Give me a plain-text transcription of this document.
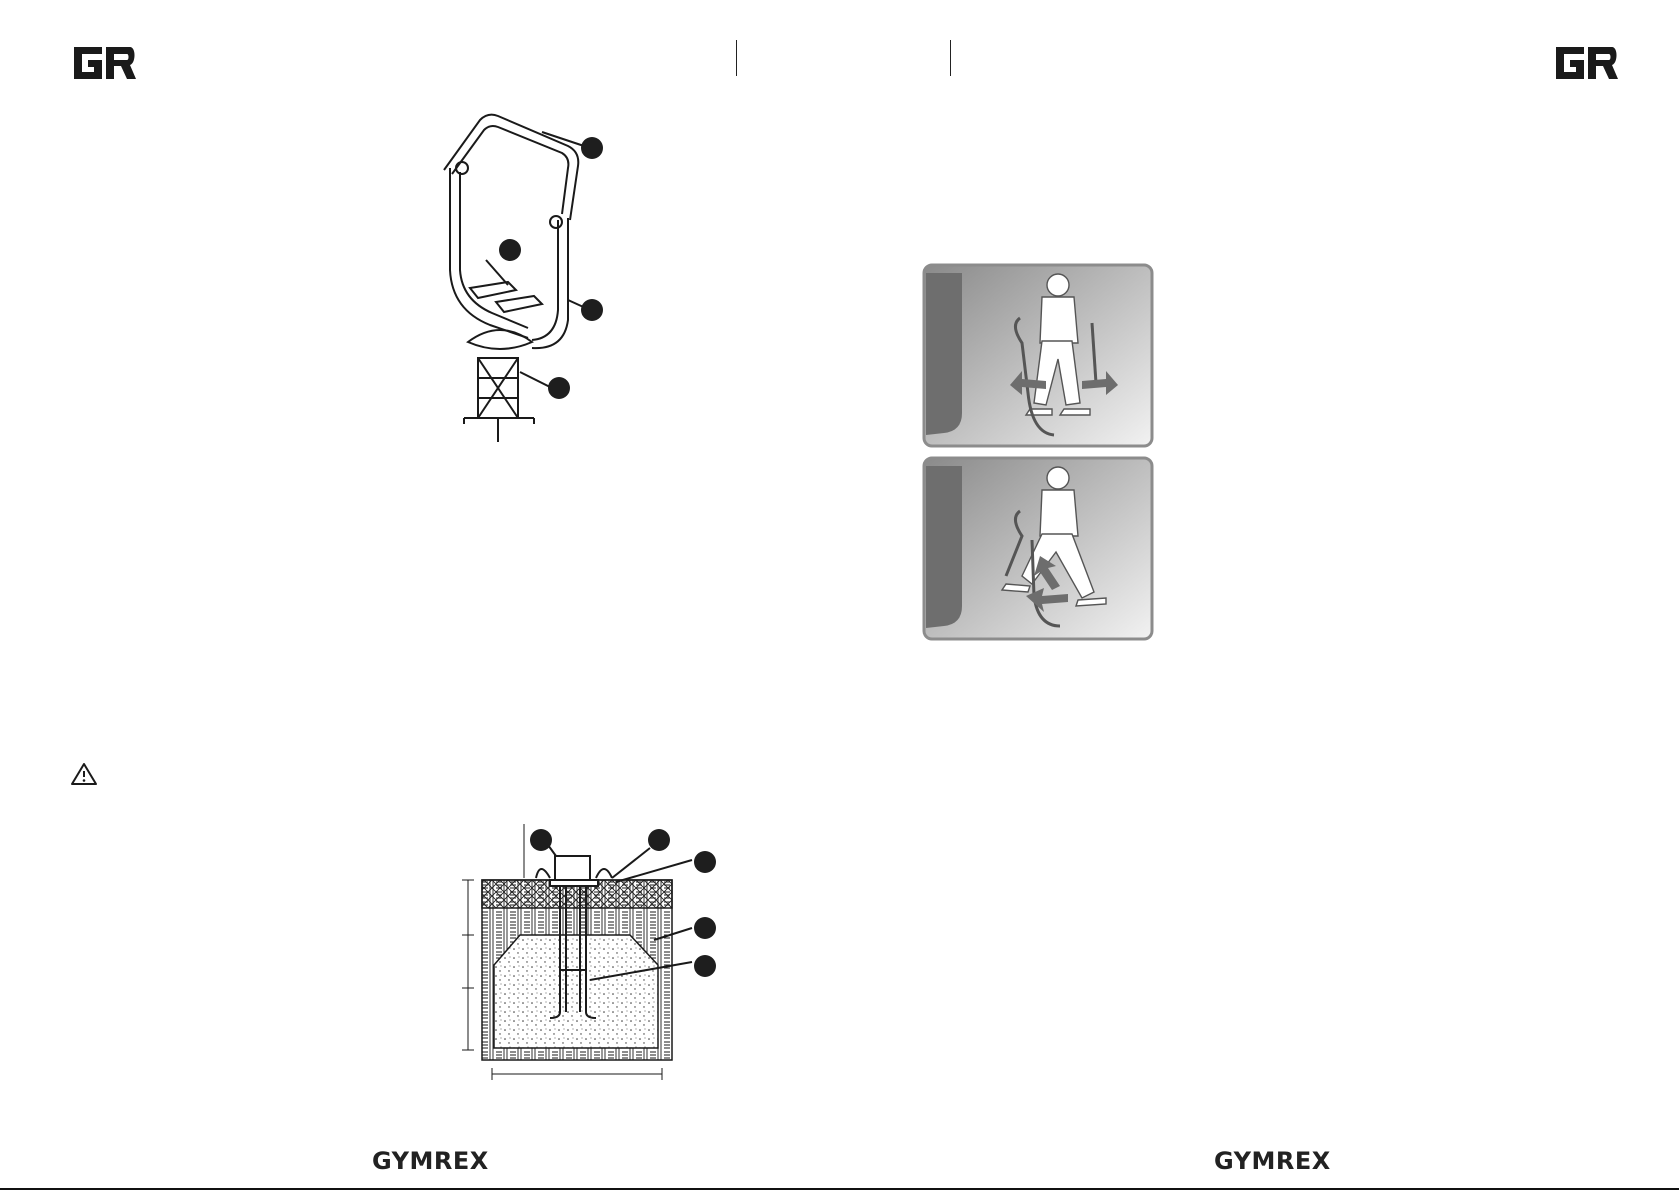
GYMREX	GYMREX
